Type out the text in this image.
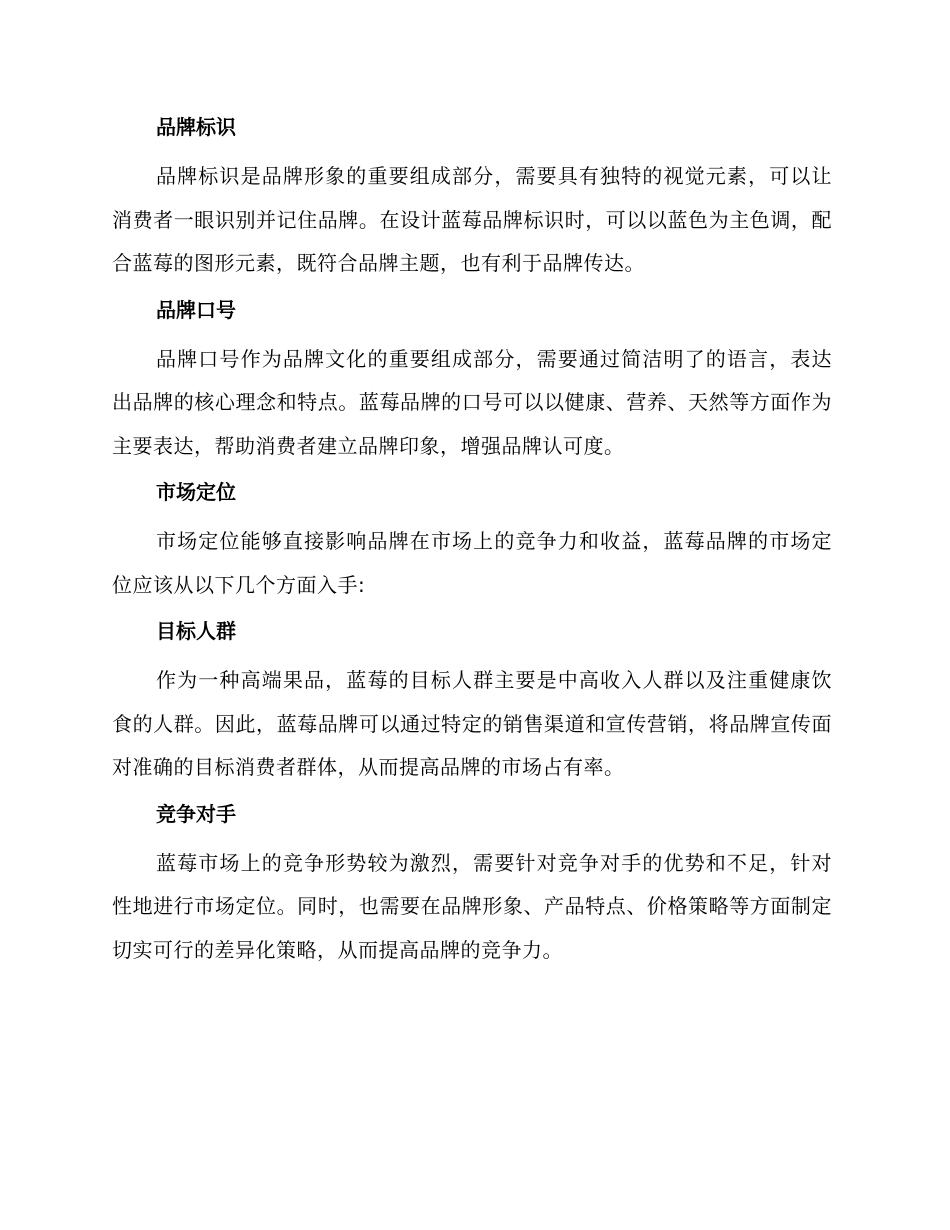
品牌标识

品牌标识是品牌形象的重要组成部分，需要具有独特的视觉元素，可以让消费者一眼识别并记住品牌。在设计蓝莓品牌标识时，可以以蓝色为主色调，配合蓝莓的图形元素，既符合品牌主题，也有利于品牌传达。

品牌口号

品牌口号作为品牌文化的重要组成部分，需要通过简洁明了的语言，表达出品牌的核心理念和特点。蓝莓品牌的口号可以以健康、营养、天然等方面作为主要表达，帮助消费者建立品牌印象，增强品牌认可度。

市场定位

市场定位能够直接影响品牌在市场上的竞争力和收益，蓝莓品牌的市场定位应该从以下几个方面入手:

目标人群

作为一种高端果品，蓝莓的目标人群主要是中高收入人群以及注重健康饮食的人群。因此，蓝莓品牌可以通过特定的销售渠道和宣传营销，将品牌宣传面对准确的目标消费者群体，从而提高品牌的市场占有率。

竞争对手

蓝莓市场上的竞争形势较为激烈，需要针对竞争对手的优势和不足，针对性地进行市场定位。同时，也需要在品牌形象、产品特点、价格策略等方面制定切实可行的差异化策略，从而提高品牌的竞争力。
